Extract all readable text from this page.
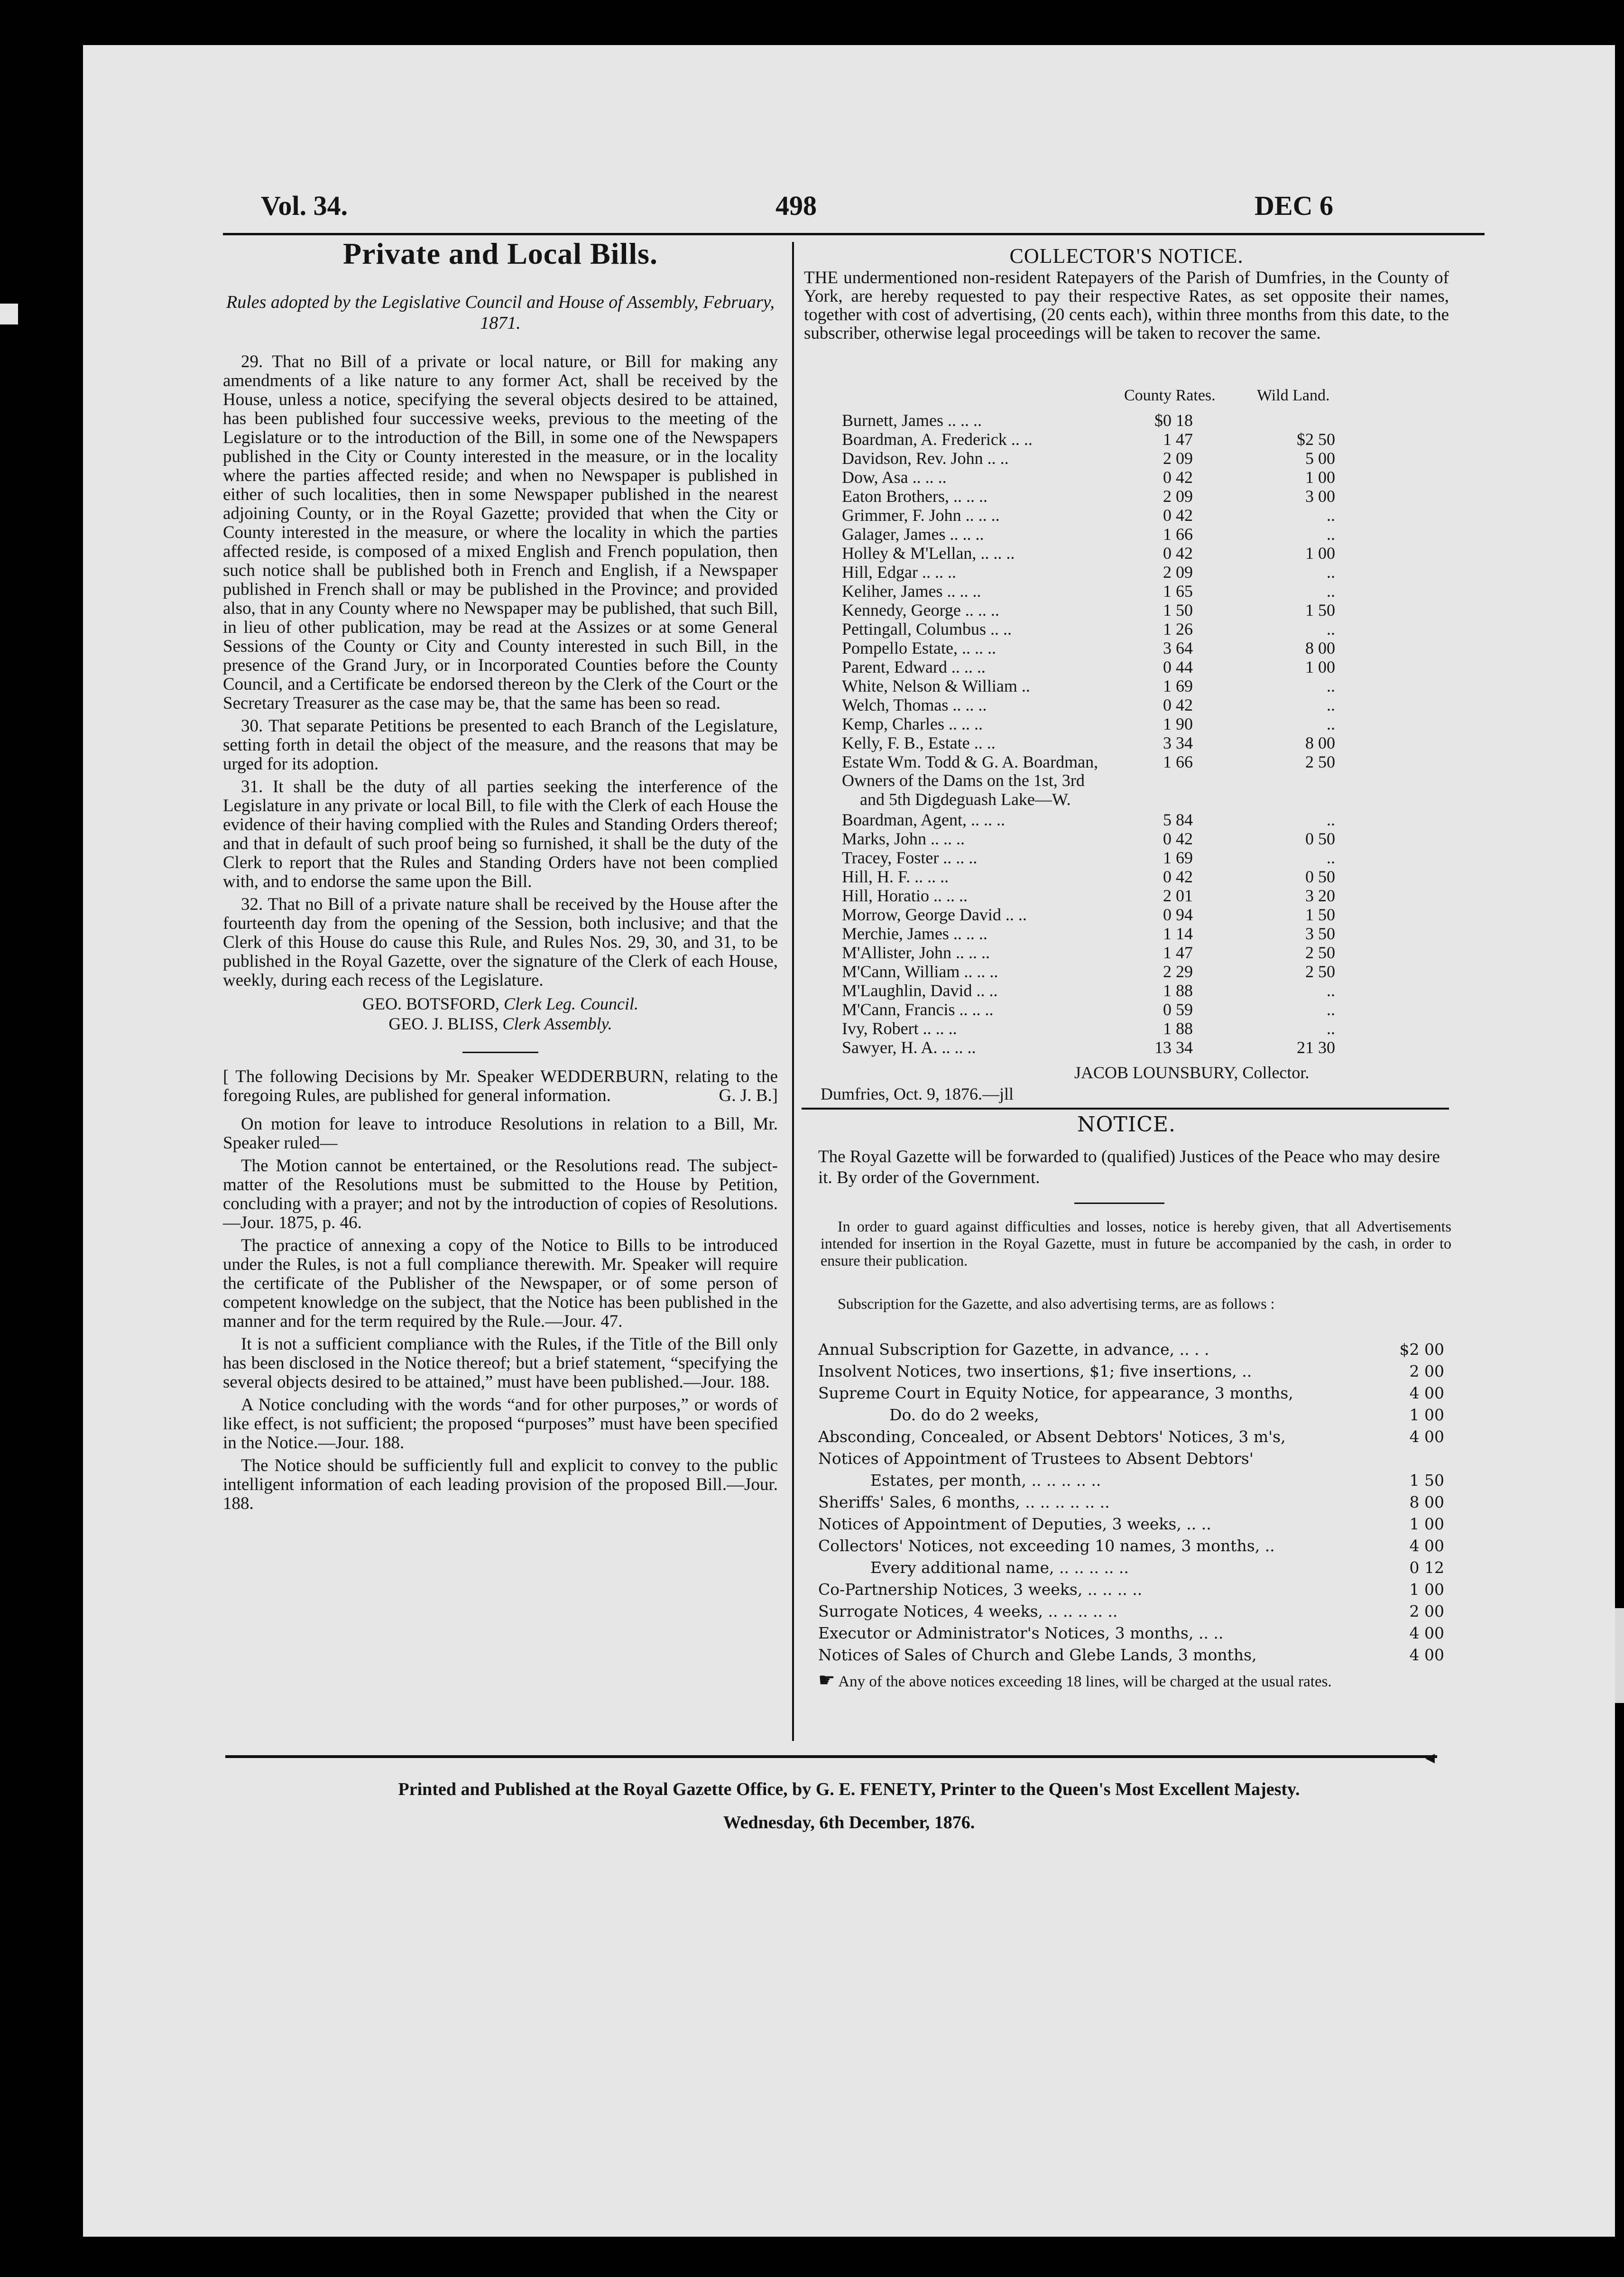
Vol. 34.	498	DEC 6
Private and Local Bills.
Rules adopted by the Legislative Council and House of Assembly, February, 1871.

29. That no Bill of a private or local nature, or Bill for making any amendments of a like nature to any former Act, shall be received by the House, unless a notice, specifying the several objects desired to be attained, has been published four successive weeks, previous to the meeting of the Legislature or to the introduction of the Bill, in some one of the Newspapers published in the City or County interested in the measure, or in the locality where the parties affected reside; and when no Newspaper is published in either of such localities, then in some Newspaper published in the nearest adjoining County, or in the Royal Gazette; provided that when the City or County interested in the measure, or where the locality in which the parties affected reside, is composed of a mixed English and French population, then such notice shall be published both in French and English, if a Newspaper published in French shall or may be published in the Province; and provided also, that in any County where no Newspaper may be published, that such Bill, in lieu of other publication, may be read at the Assizes or at some General Sessions of the County or City and County interested in such Bill, in the presence of the Grand Jury, or in Incorporated Counties before the County Council, and a Certificate be endorsed thereon by the Clerk of the Court or the Secretary Treasurer as the case may be, that the same has been so read.

30. That separate Petitions be presented to each Branch of the Legislature, setting forth in detail the object of the measure, and the reasons that may be urged for its adoption.

31. It shall be the duty of all parties seeking the interference of the Legislature in any private or local Bill, to file with the Clerk of each House the evidence of their having complied with the Rules and Standing Orders thereof; and that in default of such proof being so furnished, it shall be the duty of the Clerk to report that the Rules and Standing Orders have not been complied with, and to endorse the same upon the Bill.

32. That no Bill of a private nature shall be received by the House after the fourteenth day from the opening of the Session, both inclusive; and that the Clerk of this House do cause this Rule, and Rules Nos. 29, 30, and 31, to be published in the Royal Gazette, over the signature of the Clerk of each House, weekly, during each recess of the Legislature.

GEO. BOTSFORD, Clerk Leg. Council.
GEO. J. BLISS, Clerk Assembly.

[ The following Decisions by Mr. Speaker WEDDERBURN, relating to the foregoing Rules, are published for general information.	G. J. B.]

On motion for leave to introduce Resolutions in relation to a Bill, Mr. Speaker ruled—

The Motion cannot be entertained, or the Resolutions read. The subject-matter of the Resolutions must be submitted to the House by Petition, concluding with a prayer; and not by the introduction of copies of Resolutions.—Jour. 1875, p. 46.

The practice of annexing a copy of the Notice to Bills to be introduced under the Rules, is not a full compliance therewith. Mr. Speaker will require the certificate of the Publisher of the Newspaper, or of some person of competent knowledge on the subject, that the Notice has been published in the manner and for the term required by the Rule.—Jour. 47.

It is not a sufficient compliance with the Rules, if the Title of the Bill only has been disclosed in the Notice thereof; but a brief statement, “specifying the several objects desired to be attained,” must have been published.—Jour. 188.

A Notice concluding with the words “and for other purposes,” or words of like effect, is not sufficient; the proposed “purposes” must have been specified in the Notice.—Jour. 188.

The Notice should be sufficiently full and explicit to convey to the public intelligent information of each leading provision of the proposed Bill.—Jour. 188.

COLLECTOR'S NOTICE.
THE undermentioned non-resident Ratepayers of the Parish of Dumfries, in the County of York, are hereby requested to pay their respective Rates, as set opposite their names, together with cost of advertising, (20 cents each), within three months from this date, to the subscriber, otherwise legal proceedings will be taken to recover the same.
County Rates.	Wild Land.
Burnett, James .. .. ..	$0 18
Boardman, A. Frederick .. ..	1 47	$2 50
Davidson, Rev. John .. ..	2 09	5 00
Dow, Asa .. .. ..	0 42	1 00
Eaton Brothers, .. .. ..	2 09	3 00
Grimmer, F. John .. .. ..	0 42	..
Galager, James .. .. ..	1 66	..
Holley & M'Lellan, .. .. ..	0 42	1 00
Hill, Edgar .. .. ..	2 09	..
Keliher, James .. .. ..	1 65	..
Kennedy, George .. .. ..	1 50	1 50
Pettingall, Columbus .. ..	1 26	..
Pompello Estate, .. .. ..	3 64	8 00
Parent, Edward .. .. ..	0 44	1 00
White, Nelson & William ..	1 69	..
Welch, Thomas .. .. ..	0 42	..
Kemp, Charles .. .. ..	1 90	..
Kelly, F. B., Estate .. ..	3 34	8 00
Estate Wm. Todd & G. A. Boardman,	1 66	2 50
Owners of the Dams on the 1st, 3rd
and 5th Digdeguash Lake—W.
Boardman, Agent, .. .. ..	5 84	..
Marks, John .. .. ..	0 42	0 50
Tracey, Foster .. .. ..	1 69	..
Hill, H. F. .. .. ..	0 42	0 50
Hill, Horatio .. .. ..	2 01	3 20
Morrow, George David .. ..	0 94	1 50
Merchie, James .. .. ..	1 14	3 50
M'Allister, John .. .. ..	1 47	2 50
M'Cann, William .. .. ..	2 29	2 50
M'Laughlin, David .. ..	1 88	..
M'Cann, Francis .. .. ..	0 59	..
Ivy, Robert .. .. ..	1 88	..
Sawyer, H. A. .. .. ..	13 34	21 30
JACOB LOUNSBURY, Collector.
Dumfries, Oct. 9, 1876.—jll
NOTICE.
The Royal Gazette will be forwarded to (qualified) Justices of the Peace who may desire it. By order of the Government.
In order to guard against difficulties and losses, notice is hereby given, that all Advertisements intended for insertion in the Royal Gazette, must in future be accompanied by the cash, in order to ensure their publication.
Subscription for the Gazette, and also advertising terms, are as follows :
Annual Subscription for Gazette, in advance, .. . .	$2 00
Insolvent Notices, two insertions, $1; five insertions, ..	2 00
Supreme Court in Equity Notice, for appearance, 3 months,	4 00
Do. do do 2 weeks,	1 00
Absconding, Concealed, or Absent Debtors' Notices, 3 m's,	4 00
Notices of Appointment of Trustees to Absent Debtors'
Estates, per month, .. .. .. .. ..	1 50
Sheriffs' Sales, 6 months, .. .. .. .. .. ..	8 00
Notices of Appointment of Deputies, 3 weeks, .. ..	1 00
Collectors' Notices, not exceeding 10 names, 3 months, ..	4 00
Every additional name, .. .. .. .. ..	0 12
Co-Partnership Notices, 3 weeks, .. .. .. ..	1 00
Surrogate Notices, 4 weeks, .. .. .. .. ..	2 00
Executor or Administrator's Notices, 3 months, .. ..	4 00
Notices of Sales of Church and Glebe Lands, 3 months,	4 00
☛ Any of the above notices exceeding 18 lines, will be charged at the usual rates.
◀
Printed and Published at the Royal Gazette Office, by G. E. FENETY, Printer to the Queen's Most Excellent Majesty.
Wednesday, 6th December, 1876.
